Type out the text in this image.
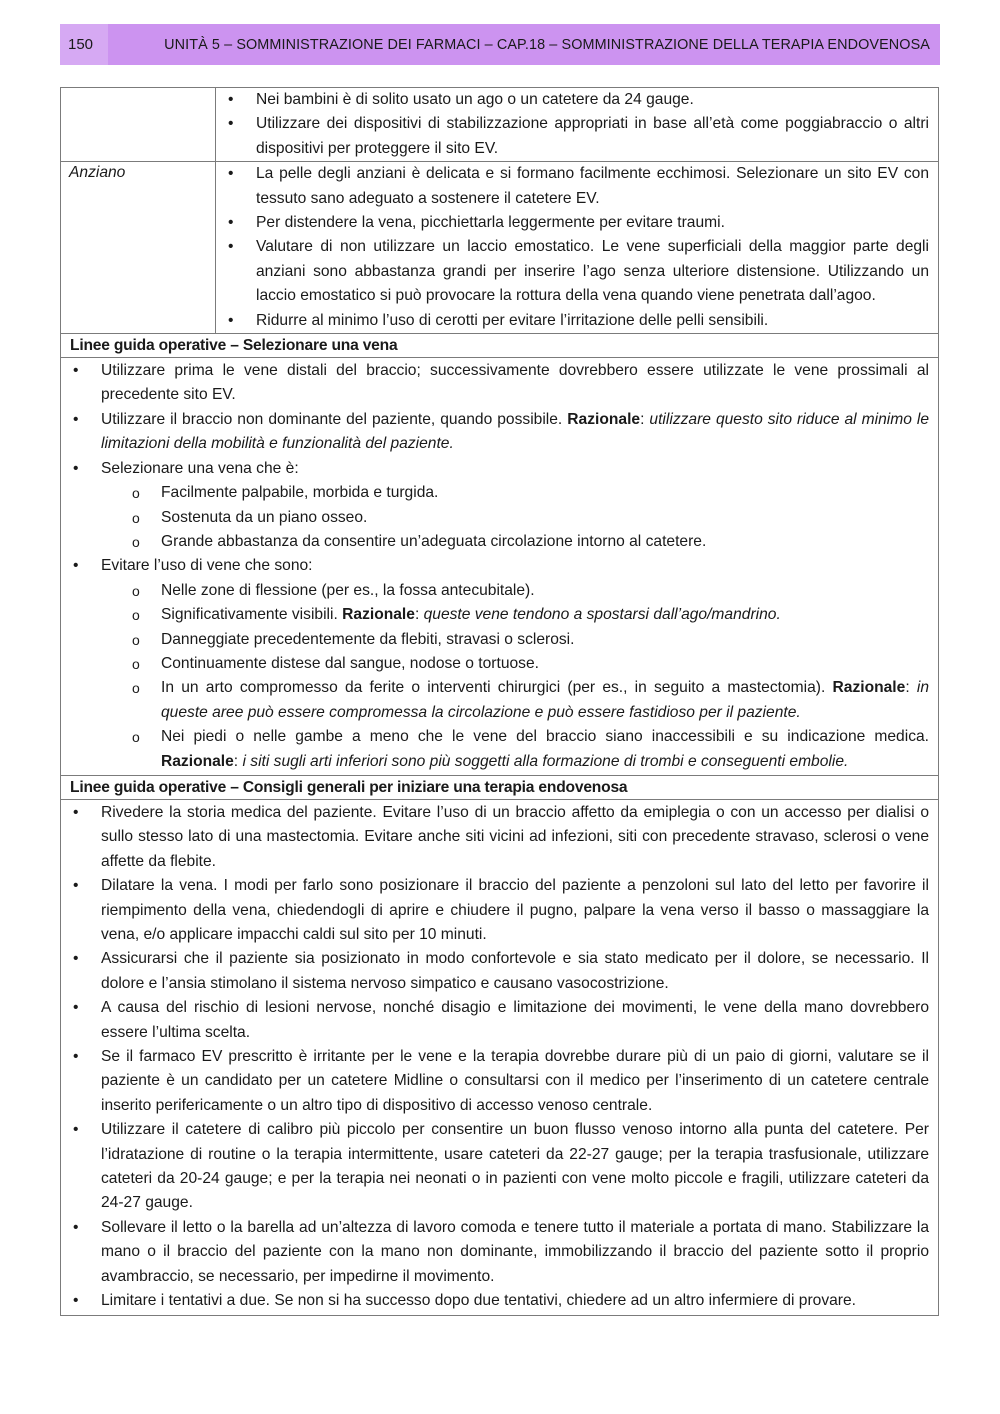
150	UNITÀ 5 – SOMMINISTRAZIONE DEI FARMACI – CAP.18 – SOMMINISTRAZIONE DELLA TERAPIA ENDOVENOSA
• Nei bambini è di solito usato un ago o un catetere da 24 gauge.
• Utilizzare dei dispositivi di stabilizzazione appropriati in base all’età come poggiabraccio o altri dispositivi per proteggere il sito EV.
Anziano
•	La pelle degli anziani è delicata e si formano facilmente ecchimosi. Selezionare un sito EV con tessuto sano adeguato a sostenere il catetere EV.
• Per distendere la vena, picchiettarla leggermente per evitare traumi.
• Valutare di non utilizzare un laccio emostatico. Le vene superficiali della maggior parte degli anziani sono abbastanza grandi per inserire l’ago senza ulteriore distensione. Utilizzando un laccio emostatico si può provocare la rottura della vena quando viene penetrata dall’agoo.
• Ridurre al minimo l’uso di cerotti per evitare l’irritazione delle pelli sensibili.
Linee guida operative – Selezionare una vena
• Utilizzare prima le vene distali del braccio; successivamente dovrebbero essere utilizzate le vene prossimali al precedente sito EV.
• Utilizzare il braccio non dominante del paziente, quando possibile. Razionale: utilizzare questo sito riduce al minimo le limitazioni della mobilità e funzionalità del paziente.
• Selezionare una vena che è:
o Facilmente palpabile, morbida e turgida.
o Sostenuta da un piano osseo.
o Grande abbastanza da consentire un’adeguata circolazione intorno al catetere.
• Evitare l’uso di vene che sono:
o Nelle zone di flessione (per es., la fossa antecubitale).
o Significativamente visibili. Razionale: queste vene tendono a spostarsi dall’ago/mandrino.
o Danneggiate precedentemente da flebiti, stravasi o sclerosi.
o Continuamente distese dal sangue, nodose o tortuose.
o In un arto compromesso da ferite o interventi chirurgici (per es., in seguito a mastectomia). Razionale: in queste aree può essere compromessa la circolazione e può essere fastidioso per il paziente.
o Nei piedi o nelle gambe a meno che le vene del braccio siano inaccessibili e su indicazione medica. Razionale: i siti sugli arti inferiori sono più soggetti alla formazione di trombi e conseguenti embolie.
Linee guida operative – Consigli generali per iniziare una terapia endovenosa
• Rivedere la storia medica del paziente. Evitare l’uso di un braccio affetto da emiplegia o con un accesso per dialisi o sullo stesso lato di una mastectomia. Evitare anche siti vicini ad infezioni, siti con precedente stravaso, sclerosi o vene affette da flebite.
• Dilatare la vena. I modi per farlo sono posizionare il braccio del paziente a penzoloni sul lato del letto per favorire il riempimento della vena, chiedendogli di aprire e chiudere il pugno, palpare la vena verso il basso o massaggiare la vena, e/o applicare impacchi caldi sul sito per 10 minuti.
• Assicurarsi che il paziente sia posizionato in modo confortevole e sia stato medicato per il dolore, se necessario. Il dolore e l’ansia stimolano il sistema nervoso simpatico e causano vasocostrizione.
• A causa del rischio di lesioni nervose, nonché disagio e limitazione dei movimenti, le vene della mano dovrebbero essere l’ultima scelta.
• Se il farmaco EV prescritto è irritante per le vene e la terapia dovrebbe durare più di un paio di giorni, valutare se il paziente è un candidato per un catetere Midline o consultarsi con il medico per l’inserimento di un catetere centrale inserito perifericamente o un altro tipo di dispositivo di accesso venoso centrale.
• Utilizzare il catetere di calibro più piccolo per consentire un buon flusso venoso intorno alla punta del catetere. Per l’idratazione di routine o la terapia intermittente, usare cateteri da 22-27 gauge; per la terapia trasfusionale, utilizzare cateteri da 20-24 gauge; e per la terapia nei neonati o in pazienti con vene molto piccole e fragili, utilizzare cateteri da 24-27 gauge.
• Sollevare il letto o la barella ad un’altezza di lavoro comoda e tenere tutto il materiale a portata di mano. Stabilizzare la mano o il braccio del paziente con la mano non dominante, immobilizzando il braccio del paziente sotto il proprio avambraccio, se necessario, per impedirne il movimento.
• Limitare i tentativi a due. Se non si ha successo dopo due tentativi, chiedere ad un altro infermiere di provare.
